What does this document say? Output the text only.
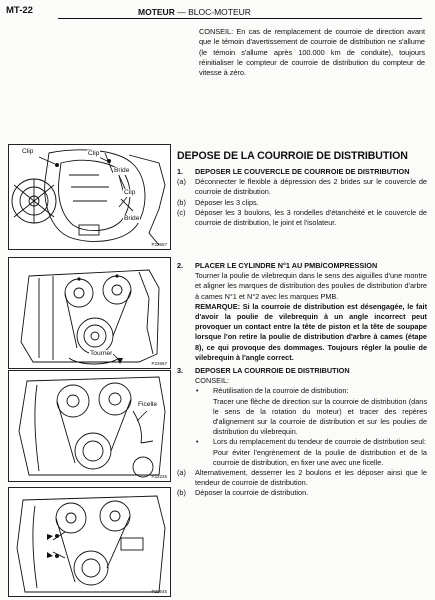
MT-22	MOTEUR — BLOC-MOTEUR
CONSEIL: En cas de remplacement de courroie de direction avant que le témoin d'avertissement de courroie de distribution ne s'allume (le témoin s'allume après 100.000 km de conduite), toujours réinitialiser le compteur de courroie de distribution du compteur de vitesse à zéro.
Clip	Clip
Bride
Clip
Bride
P22657
Tourner
P22667
Ficelle
P22225
P22645
DEPOSE DE LA COURROIE DE DISTRIBUTION
1. DEPOSER LE COUVERCLE DE COURROIE DE DISTRIBUTION
(a) Déconnecter le flexible à dépression des 2 brides sur le couvercle de courroie de distribution.
(b) Déposer les 3 clips.
(c) Déposer les 3 boulons, les 3 rondelles d'étanchéité et le couvercle de courroie de distribution, le joint et l'isolateur.
2. PLACER LE CYLINDRE N°1 AU PMB/COMPRESSION
Tourner la poulie de vilebrequin dans le sens des aiguilles d'une montre et aligner les marques de distribution des poulies de distribution d'arbre à cames N°1 et N°2 avec les marques PMB.
REMARQUE: Si la courroie de distribution est désengagée, le fait d'avoir la poulie de vilebrequin à un angle incorrect peut provoquer un contact entre la tête de piston et la tête de soupape lorsque l'on retire la poulie de distribution d'arbre à cames (étape 8), ce qui provoque des dommages. Toujours régler la poulie de vilebrequin à l'angle correct.
3. DEPOSER LA COURROIE DE DISTRIBUTION
CONSEIL:
• Réutilisation de la courroie de distribution:
Tracer une flèche de direction sur la courroie de distribution (dans le sens de la rotation du moteur) et tracer des repères d'alignement sur la courroie de distribution et sur les poulies de distribution du vilebrequin.
• Lors du remplacement du tendeur de courroie de distribution seul:
Pour éviter l'engrènement de la poulie de distribution et de la courroie de distribution, en fixer une avec une ficelle.
(a) Alternativement, desserrer les 2 boulons et les déposer ainsi que le tendeur de courroie de distribution.
(b) Déposer la courroie de distribution.
